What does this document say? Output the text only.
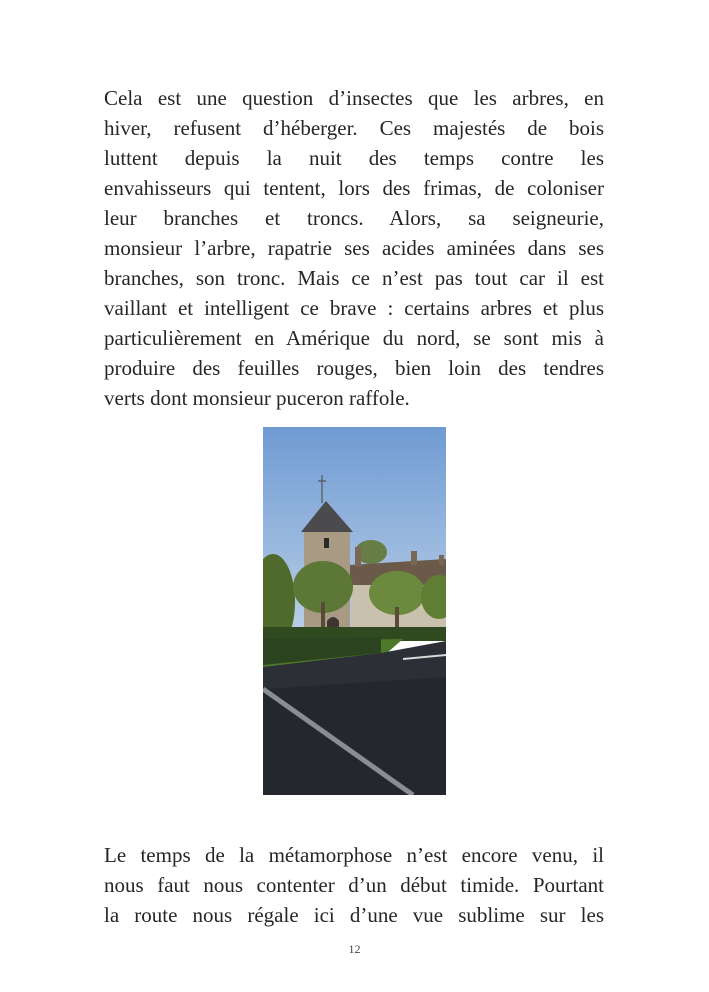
Cela est une question d’insectes que les arbres, en
hiver, refusent d’héberger. Ces majestés de bois
luttent depuis la nuit des temps contre les
envahisseurs qui tentent, lors des frimas, de coloniser
leur branches et troncs. Alors, sa seigneurie,
monsieur l’arbre, rapatrie ses acides aminées dans ses
branches, son tronc. Mais ce n’est pas tout car il est
vaillant et intelligent ce brave : certains arbres et plus
particulièrement en Amérique du nord, se sont mis à
produire des feuilles rouges, bien loin des tendres
verts dont monsieur puceron raffole.
Le temps de la métamorphose n’est encore venu, il
nous faut nous contenter d’un début timide. Pourtant
la route nous régale ici d’une vue sublime sur les
12
